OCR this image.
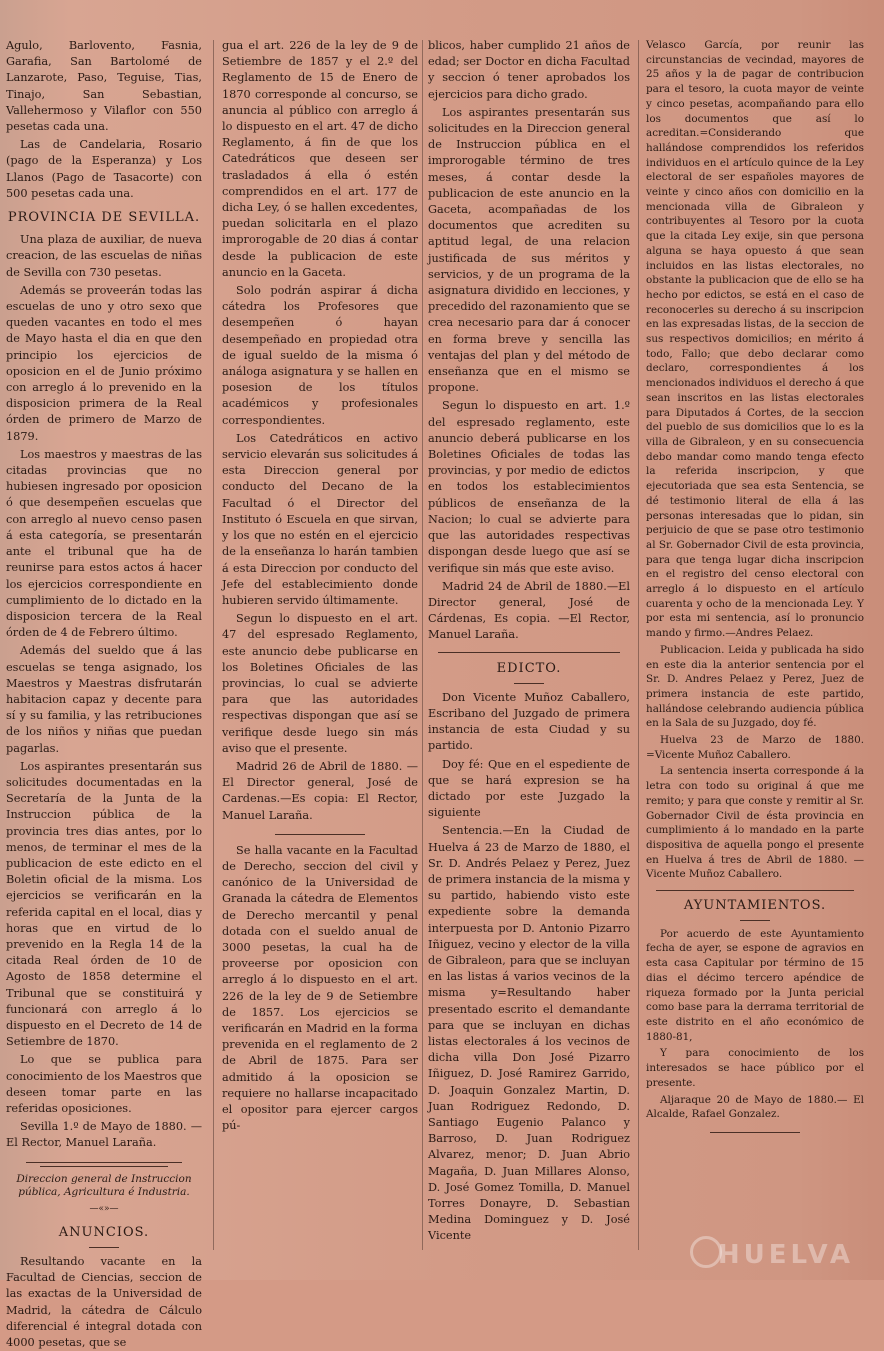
Agulo, Barlovento, Fasnia, Garafia, San Bartolomé de Lanzarote, Paso, Teguise, Tias, Tinajo, San Sebastian, Vallehermoso y Vilaflor con 550 pesetas cada una.

Las de Candelaria, Rosario (pago de la Esperanza) y Los Llanos (Pago de Tasacorte) con 500 pesetas cada una.

PROVINCIA DE SEVILLA.

Una plaza de auxiliar, de nueva creacion, de las escuelas de niñas de Sevilla con 730 pesetas.

Además se proveerán todas las escuelas de uno y otro sexo que queden vacantes en todo el mes de Mayo hasta el dia en que den principio los ejercicios de oposicion en el de Junio próximo con arreglo á lo prevenido en la disposicion primera de la Real órden de primero de Marzo de 1879.

Los maestros y maestras de las citadas provincias que no hubiesen ingresado por oposicion ó que desempeñen escuelas que con arreglo al nuevo censo pasen á esta categoría, se presentarán ante el tribunal que ha de reunirse para estos actos á hacer los ejercicios correspondiente en cumplimiento de lo dictado en la disposicion tercera de la Real órden de 4 de Febrero último.

Además del sueldo que á las escuelas se tenga asignado, los Maestros y Maestras disfrutarán habitacion capaz y decente para sí y su familia, y las retribuciones de los niños y niñas que puedan pagarlas.

Los aspirantes presentarán sus solicitudes documentadas en la Secretaría de la Junta de la Instruccion pública de la provincia tres dias antes, por lo menos, de terminar el mes de la publicacion de este edicto en el Boletin oficial de la misma. Los ejercicios se verificarán en la referida capital en el local, dias y horas que en virtud de lo prevenido en la Regla 14 de la citada Real órden de 10 de Agosto de 1858 determine el Tribunal que se constituirá y funcionará con arreglo á lo dispuesto en el Decreto de 14 de Setiembre de 1870.

Lo que se publica para conocimiento de los Maestros que deseen tomar parte en las referidas oposiciones.

Sevilla 1.º de Mayo de 1880. —El Rector, Manuel Laraña.

Direccion general de Instruccion pública, Agricultura é Industria.
—«»—
ANUNCIOS.

Resultando vacante en la Facultad de Ciencias, seccion de las exactas de la Universidad de Madrid, la cátedra de Cálculo diferencial é integral dotada con 4000 pesetas, que se

gua el art. 226 de la ley de 9 de Setiembre de 1857 y el 2.º del Reglamento de 15 de Enero de 1870 corresponde al concurso, se anuncia al público con arreglo á lo dispuesto en el art. 47 de dicho Reglamento, á fin de que los Catedráticos que deseen ser trasladados á ella ó estén comprendidos en el art. 177 de dicha Ley, ó se hallen excedentes, puedan solicitarla en el plazo improrogable de 20 dias á contar desde la publicacion de este anuncio en la Gaceta.

Solo podrán aspirar á dicha cátedra los Profesores que desempeñen ó hayan desempeñado en propiedad otra de igual sueldo de la misma ó análoga asignatura y se hallen en posesion de los títulos académicos y profesionales correspondientes.

Los Catedráticos en activo servicio elevarán sus solicitudes á esta Direccion general por conducto del Decano de la Facultad ó el Director del Instituto ó Escuela en que sirvan, y los que no estén en el ejercicio de la enseñanza lo harán tambien á esta Direccion por conducto del Jefe del establecimiento donde hubieren servido últimamente.

Segun lo dispuesto en el art. 47 del espresado Reglamento, este anuncio debe publicarse en los Boletines Oficiales de las provincias, lo cual se advierte para que las autoridades respectivas dispongan que así se verifique desde luego sin más aviso que el presente.

Madrid 26 de Abril de 1880. —El Director general, José de Cardenas.—Es copia: El Rector, Manuel Laraña.

Se halla vacante en la Facultad de Derecho, seccion del civil y canónico de la Universidad de Granada la cátedra de Elementos de Derecho mercantil y penal dotada con el sueldo anual de 3000 pesetas, la cual ha de proveerse por oposicion con arreglo á lo dispuesto en el art. 226 de la ley de 9 de Setiembre de 1857. Los ejercicios se verificarán en Madrid en la forma prevenida en el reglamento de 2 de Abril de 1875. Para ser admitido á la oposicion se requiere no hallarse incapacitado el opositor para ejercer cargos pú-

blicos, haber cumplido 21 años de edad; ser Doctor en dicha Facultad y seccion ó tener aprobados los ejercicios para dicho grado.

Los aspirantes presentarán sus solicitudes en la Direccion general de Instruccion pública en el improrogable término de tres meses, á contar desde la publicacion de este anuncio en la Gaceta, acompañadas de los documentos que acrediten su aptitud legal, de una relacion justificada de sus méritos y servicios, y de un programa de la asignatura dividido en lecciones, y precedido del razonamiento que se crea necesario para dar á conocer en forma breve y sencilla las ventajas del plan y del método de enseñanza que en el mismo se propone.

Segun lo dispuesto en art. 1.º del espresado reglamento, este anuncio deberá publicarse en los Boletines Oficiales de todas las provincias, y por medio de edictos en todos los establecimientos públicos de enseñanza de la Nacion; lo cual se advierte para que las autoridades respectivas dispongan desde luego que así se verifique sin más que este aviso.

Madrid 24 de Abril de 1880.—El Director general, José de Cárdenas, Es copia. —El Rector, Manuel Laraña.

EDICTO.

Don Vicente Muñoz Caballero, Escribano del Juzgado de primera instancia de esta Ciudad y su partido.

Doy fé: Que en el espediente de que se hará expresion se ha dictado por este Juzgado la siguiente

Sentencia.—En la Ciudad de Huelva á 23 de Marzo de 1880, el Sr. D. Andrés Pelaez y Perez, Juez de primera instancia de la misma y su partido, habiendo visto este expediente sobre la demanda interpuesta por D. Antonio Pizarro Iñiguez, vecino y elector de la villa de Gibraleon, para que se incluyan en las listas á varios vecinos de la misma y=Resultando haber presentado escrito el demandante para que se incluyan en dichas listas electorales á los vecinos de dicha villa Don José Pizarro Iñiguez, D. José Ramirez Garrido, D. Joaquin Gonzalez Martin, D. Juan Rodriguez Redondo, D. Santiago Eugenio Palanco y Barroso, D. Juan Rodriguez Alvarez, menor; D. Juan Abrio Magaña, D. Juan Millares Alonso, D. José Gomez Tomilla, D. Manuel Torres Donayre, D. Sebastian Medina Dominguez y D. José Vicente

Velasco García, por reunir las circunstancias de vecindad, mayores de 25 años y la de pagar de contribucion para el tesoro, la cuota mayor de veinte y cinco pesetas, acompañando para ello los documentos que así lo acreditan.=Considerando que hallándose comprendidos los referidos individuos en el artículo quince de la Ley electoral de ser españoles mayores de veinte y cinco años con domicilio en la mencionada villa de Gibraleon y contribuyentes al Tesoro por la cuota que la citada Ley exije, sin que persona alguna se haya opuesto á que sean incluidos en las listas electorales, no obstante la publicacion que de ello se ha hecho por edictos, se está en el caso de reconocerles su derecho á su inscripcion en las expresadas listas, de la seccion de sus respectivos domicilios; en mérito á todo, Fallo; que debo declarar como declaro, correspondientes á los mencionados individuos el derecho á que sean inscritos en las listas electorales para Diputados á Cortes, de la seccion del pueblo de sus domicilios que lo es la villa de Gibraleon, y en su consecuencia debo mandar como mando tenga efecto la referida inscripcion, y que ejecutoriada que sea esta Sentencia, se dé testimonio literal de ella á las personas interesadas que lo pidan, sin perjuicio de que se pase otro testimonio al Sr. Gobernador Civil de esta provincia, para que tenga lugar dicha inscripcion en el registro del censo electoral con arreglo á lo dispuesto en el artículo cuarenta y ocho de la mencionada Ley. Y por esta mi sentencia, así lo pronuncio mando y firmo.—Andres Pelaez.

Publicacion. Leida y publicada ha sido en este dia la anterior sentencia por el Sr. D. Andres Pelaez y Perez, Juez de primera instancia de este partido, hallándose celebrando audiencia pública en la Sala de su Juzgado, doy fé.

Huelva 23 de Marzo de 1880. =Vicente Muñoz Caballero.

La sentencia inserta corresponde á la letra con todo su original á que me remito; y para que conste y remitir al Sr. Gobernador Civil de ésta provincia en cumplimiento á lo mandado en la parte dispositiva de aquella pongo el presente en Huelva á tres de Abril de 1880. —Vicente Muñoz Caballero.

AYUNTAMIENTOS.

Por acuerdo de este Ayuntamiento fecha de ayer, se espone de agravios en esta casa Capitular por término de 15 dias el décimo tercero apéndice de riqueza formado por la Junta pericial como base para la derrama territorial de este distrito en el año económico de 1880-81,

Y para conocimiento de los interesados se hace público por el presente.

Aljaraque 20 de Mayo de 1880.— El Alcalde, Rafael Gonzalez.

HUELVA
